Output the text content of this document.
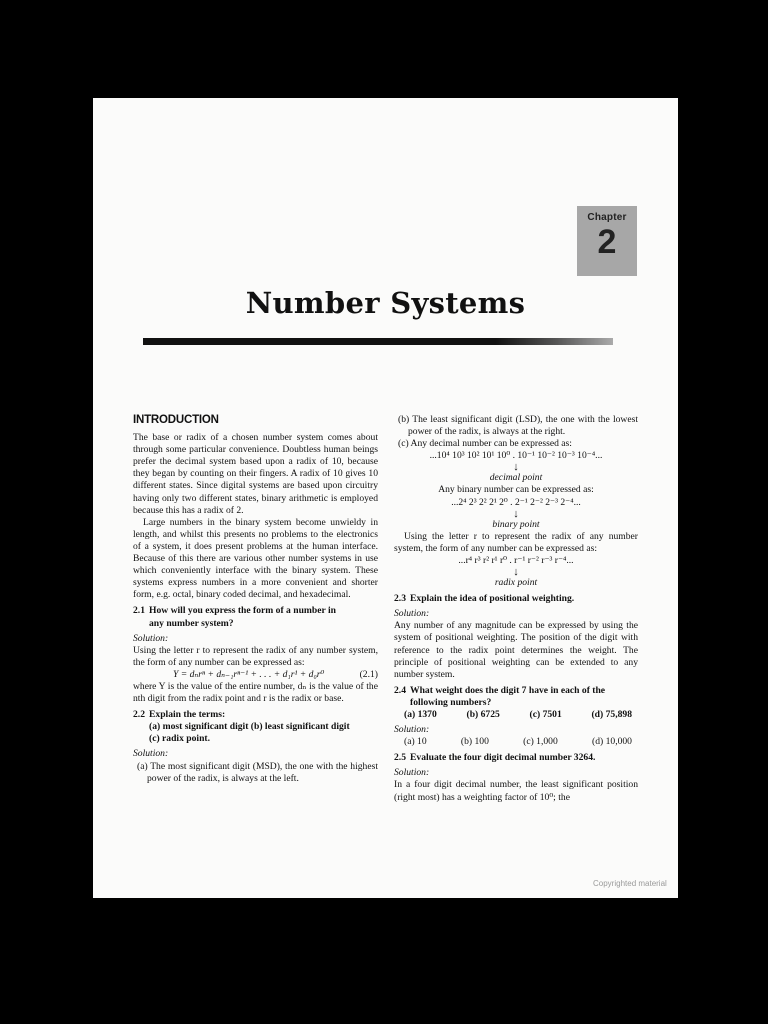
Chapter
2
Number Systems
INTRODUCTION

The base or radix of a chosen number system comes about through some particular convenience. Doubtless human beings prefer the decimal system based upon a radix of 10, because they began by counting on their fingers. A radix of 10 gives 10 different states. Since digital systems are based upon circuitry having only two different states, binary arithmetic is employed because this has a radix of 2.

Large numbers in the binary system become unwieldy in length, and whilst this presents no problems to the electronics of a system, it does present problems at the human interface. Because of this there are various other number systems in use which conveniently interface with the binary system. These systems express numbers in a more convenient and shorter form, e.g. octal, binary coded decimal, and hexadecimal.

2.1 How will you express the form of a number in
any number system?
Solution:

Using the letter r to represent the radix of any number system, the form of any number can be expressed as:

Y = dₙrⁿ + dₙ₋₁rⁿ⁻¹ + . . . + d₁r¹ + d₀r⁰	(2.1)

where Y is the value of the entire number, dₙ is the value of the nth digit from the radix point and r is the radix or base.

2.2 Explain the terms:
(a) most significant digit (b) least significant digit
(c) radix point.
Solution:

(a) The most significant digit (MSD), the one with the highest power of the radix, is always at the left.

(b) The least significant digit (LSD), the one with the lowest power of the radix, is always at the right.

(c) Any decimal number can be expressed as:

...10⁴ 10³ 10² 10¹ 10⁰ . 10⁻¹ 10⁻² 10⁻³ 10⁻⁴...
↓
decimal point
Any binary number can be expressed as:
...2⁴ 2³ 2² 2¹ 2⁰ . 2⁻¹ 2⁻² 2⁻³ 2⁻⁴...
↓
binary point

Using the letter r to represent the radix of any number system, the form of any number can be expressed as:

...r⁴ r³ r² r¹ r⁰ . r⁻¹ r⁻² r⁻³ r⁻⁴...
↓
radix point
2.3 Explain the idea of positional weighting.
Solution:

Any number of any magnitude can be expressed by using the system of positional weighting. The position of the digit with reference to the radix point determines the weight. The principle of positional weighting can be extended to any number system.

2.4 What weight does the digit 7 have in each of the
following numbers?
(a) 1370	(b) 6725	(c) 7501	(d) 75,898
Solution:
(a) 10	(b) 100	(c) 1,000	(d) 10,000
2.5 Evaluate the four digit decimal number 3264.
Solution:

In a four digit decimal number, the least significant position (right most) has a weighting factor of 10⁰; the

Copyrighted material
